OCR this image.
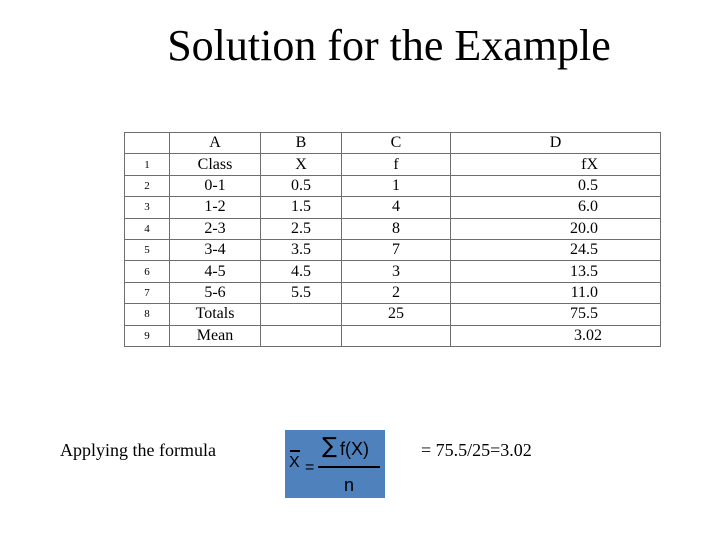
Solution for the Example
	A	B	C	D
1	Class	X	f	fX
2	0-1	0.5	1	0.5
3	1-2	1.5	4	6.0
4	2-3	2.5	8	20.0
5	3-4	3.5	7	24.5
6	4-5	4.5	3	13.5
7	5-6	5.5	2	11.0
8	Totals		25	75.5
9	Mean			3.02
Applying the formula
X =
∑ f(X)
n
= 75.5/25=3.02
